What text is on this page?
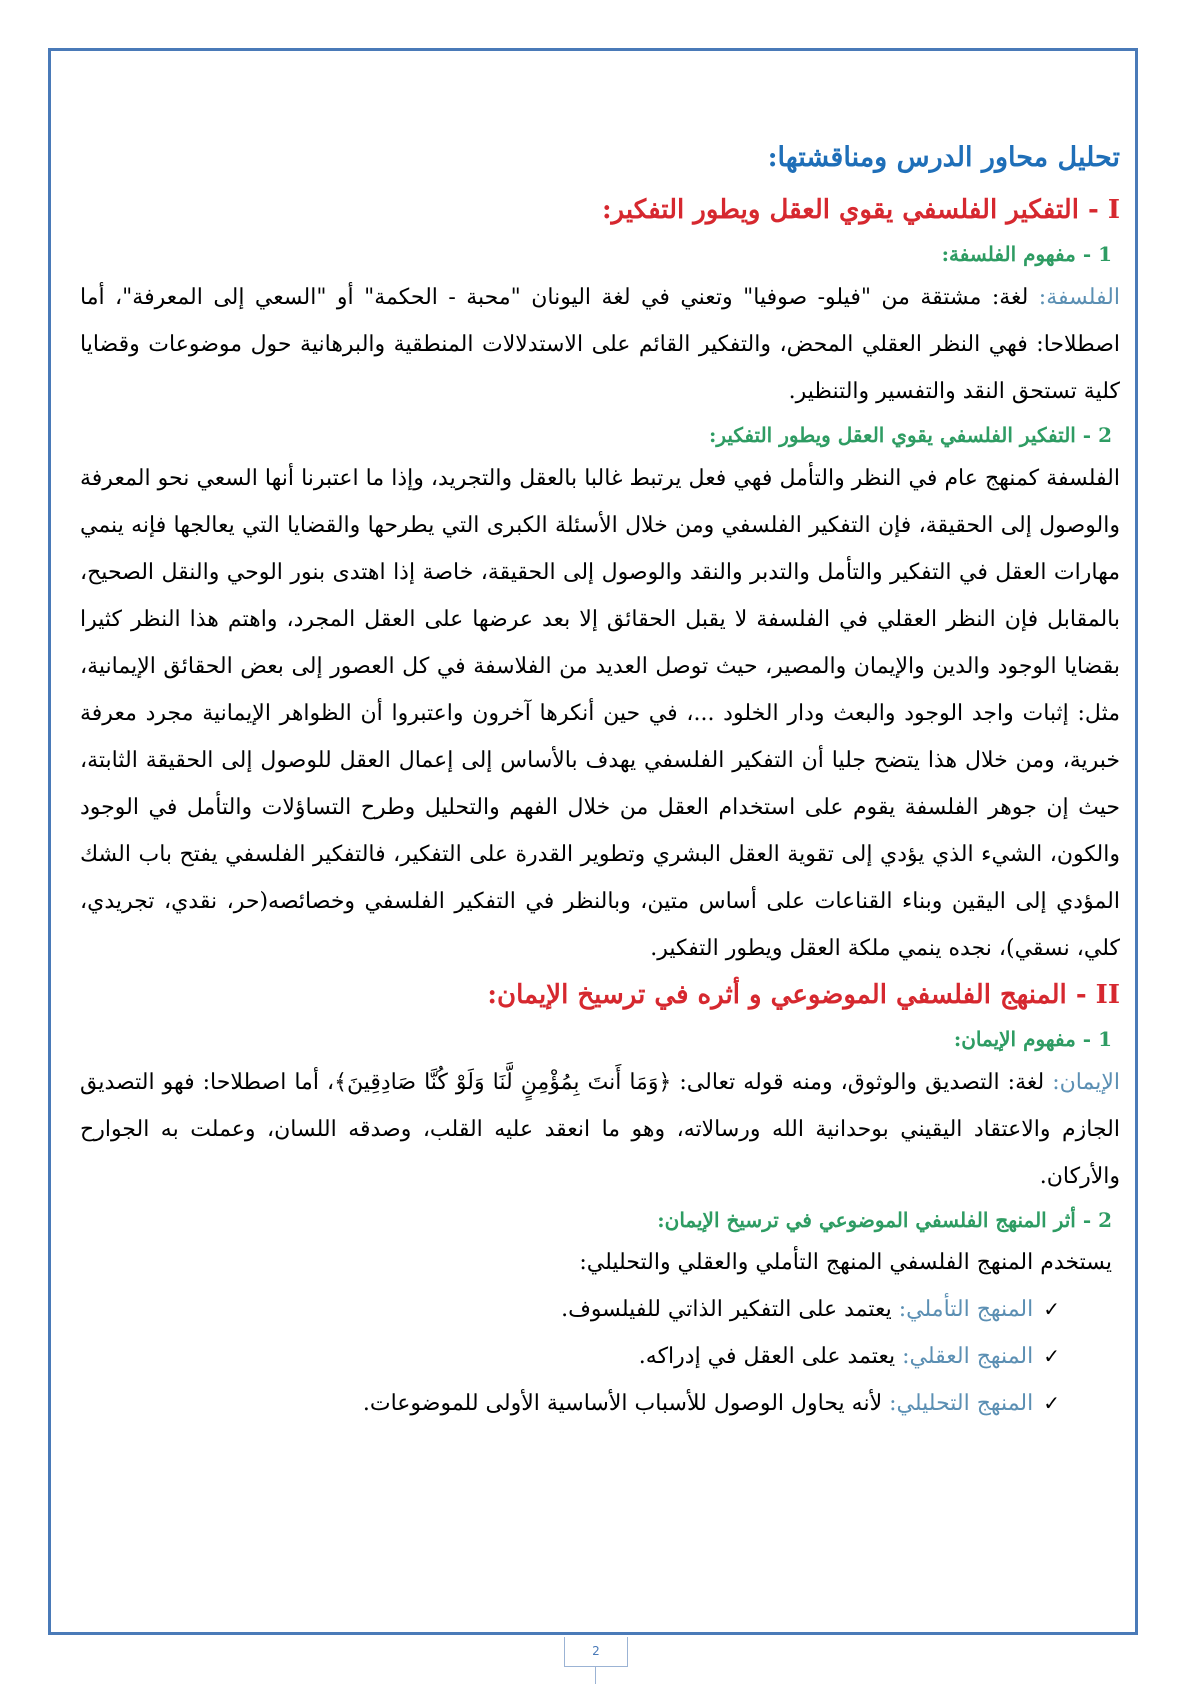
تحليل محاور الدرس ومناقشتها:
I - التفكير الفلسفي يقوي العقل ويطور التفكير:
1 - مفهوم الفلسفة:

الفلسفة: لغة: مشتقة من "فيلو- صوفيا" وتعني في لغة اليونان "محبة - الحكمة" أو "السعي إلى المعرفة"، أما اصطلاحا: فهي النظر العقلي المحض، والتفكير القائم على الاستدلالات المنطقية والبرهانية حول موضوعات وقضايا كلية تستحق النقد والتفسير والتنظير.

2 - التفكير الفلسفي يقوي العقل ويطور التفكير:

الفلسفة كمنهج عام في النظر والتأمل فهي فعل يرتبط غالبا بالعقل والتجريد، وإذا ما اعتبرنا أنها السعي نحو المعرفة والوصول إلى الحقيقة، فإن التفكير الفلسفي ومن خلال الأسئلة الكبرى التي يطرحها والقضايا التي يعالجها فإنه ينمي مهارات العقل في التفكير والتأمل والتدبر والنقد والوصول إلى الحقيقة، خاصة إذا اهتدى بنور الوحي والنقل الصحيح، بالمقابل فإن النظر العقلي في الفلسفة لا يقبل الحقائق إلا بعد عرضها على العقل المجرد، واهتم هذا النظر كثيرا بقضايا الوجود والدين والإيمان والمصير، حيث توصل العديد من الفلاسفة في كل العصور إلى بعض الحقائق الإيمانية، مثل: إثبات واجد الوجود والبعث ودار الخلود ...، في حين أنكرها آخرون واعتبروا أن الظواهر الإيمانية مجرد معرفة خبرية، ومن خلال هذا يتضح جليا أن التفكير الفلسفي يهدف بالأساس إلى إعمال العقل للوصول إلى الحقيقة الثابتة، حيث إن جوهر الفلسفة يقوم على استخدام العقل من خلال الفهم والتحليل وطرح التساؤلات والتأمل في الوجود والكون، الشيء الذي يؤدي إلى تقوية العقل البشري وتطوير القدرة على التفكير، فالتفكير الفلسفي يفتح باب الشك المؤدي إلى اليقين وبناء القناعات على أساس متين، وبالنظر في التفكير الفلسفي وخصائصه(حر، نقدي، تجريدي، كلي، نسقي)، نجده ينمي ملكة العقل ويطور التفكير.

II - المنهج الفلسفي الموضوعي و أثره في ترسيخ الإيمان:
1 - مفهوم الإيمان:

الإيمان: لغة: التصديق والوثوق، ومنه قوله تعالى: ﴿وَمَا أَنتَ بِمُؤْمِنٍ لَّنَا وَلَوْ كُنَّا صَادِقِينَ﴾، أما اصطلاحا: فهو التصديق الجازم والاعتقاد اليقيني بوحدانية الله ورسالاته، وهو ما انعقد عليه القلب، وصدقه اللسان، وعملت به الجوارح والأركان.

2 - أثر المنهج الفلسفي الموضوعي في ترسيخ الإيمان:

يستخدم المنهج الفلسفي المنهج التأملي والعقلي والتحليلي:

✓المنهج التأملي: يعتمد على التفكير الذاتي للفيلسوف.
✓المنهج العقلي: يعتمد على العقل في إدراكه.
✓المنهج التحليلي: لأنه يحاول الوصول للأسباب الأساسية الأولى للموضوعات.
2
